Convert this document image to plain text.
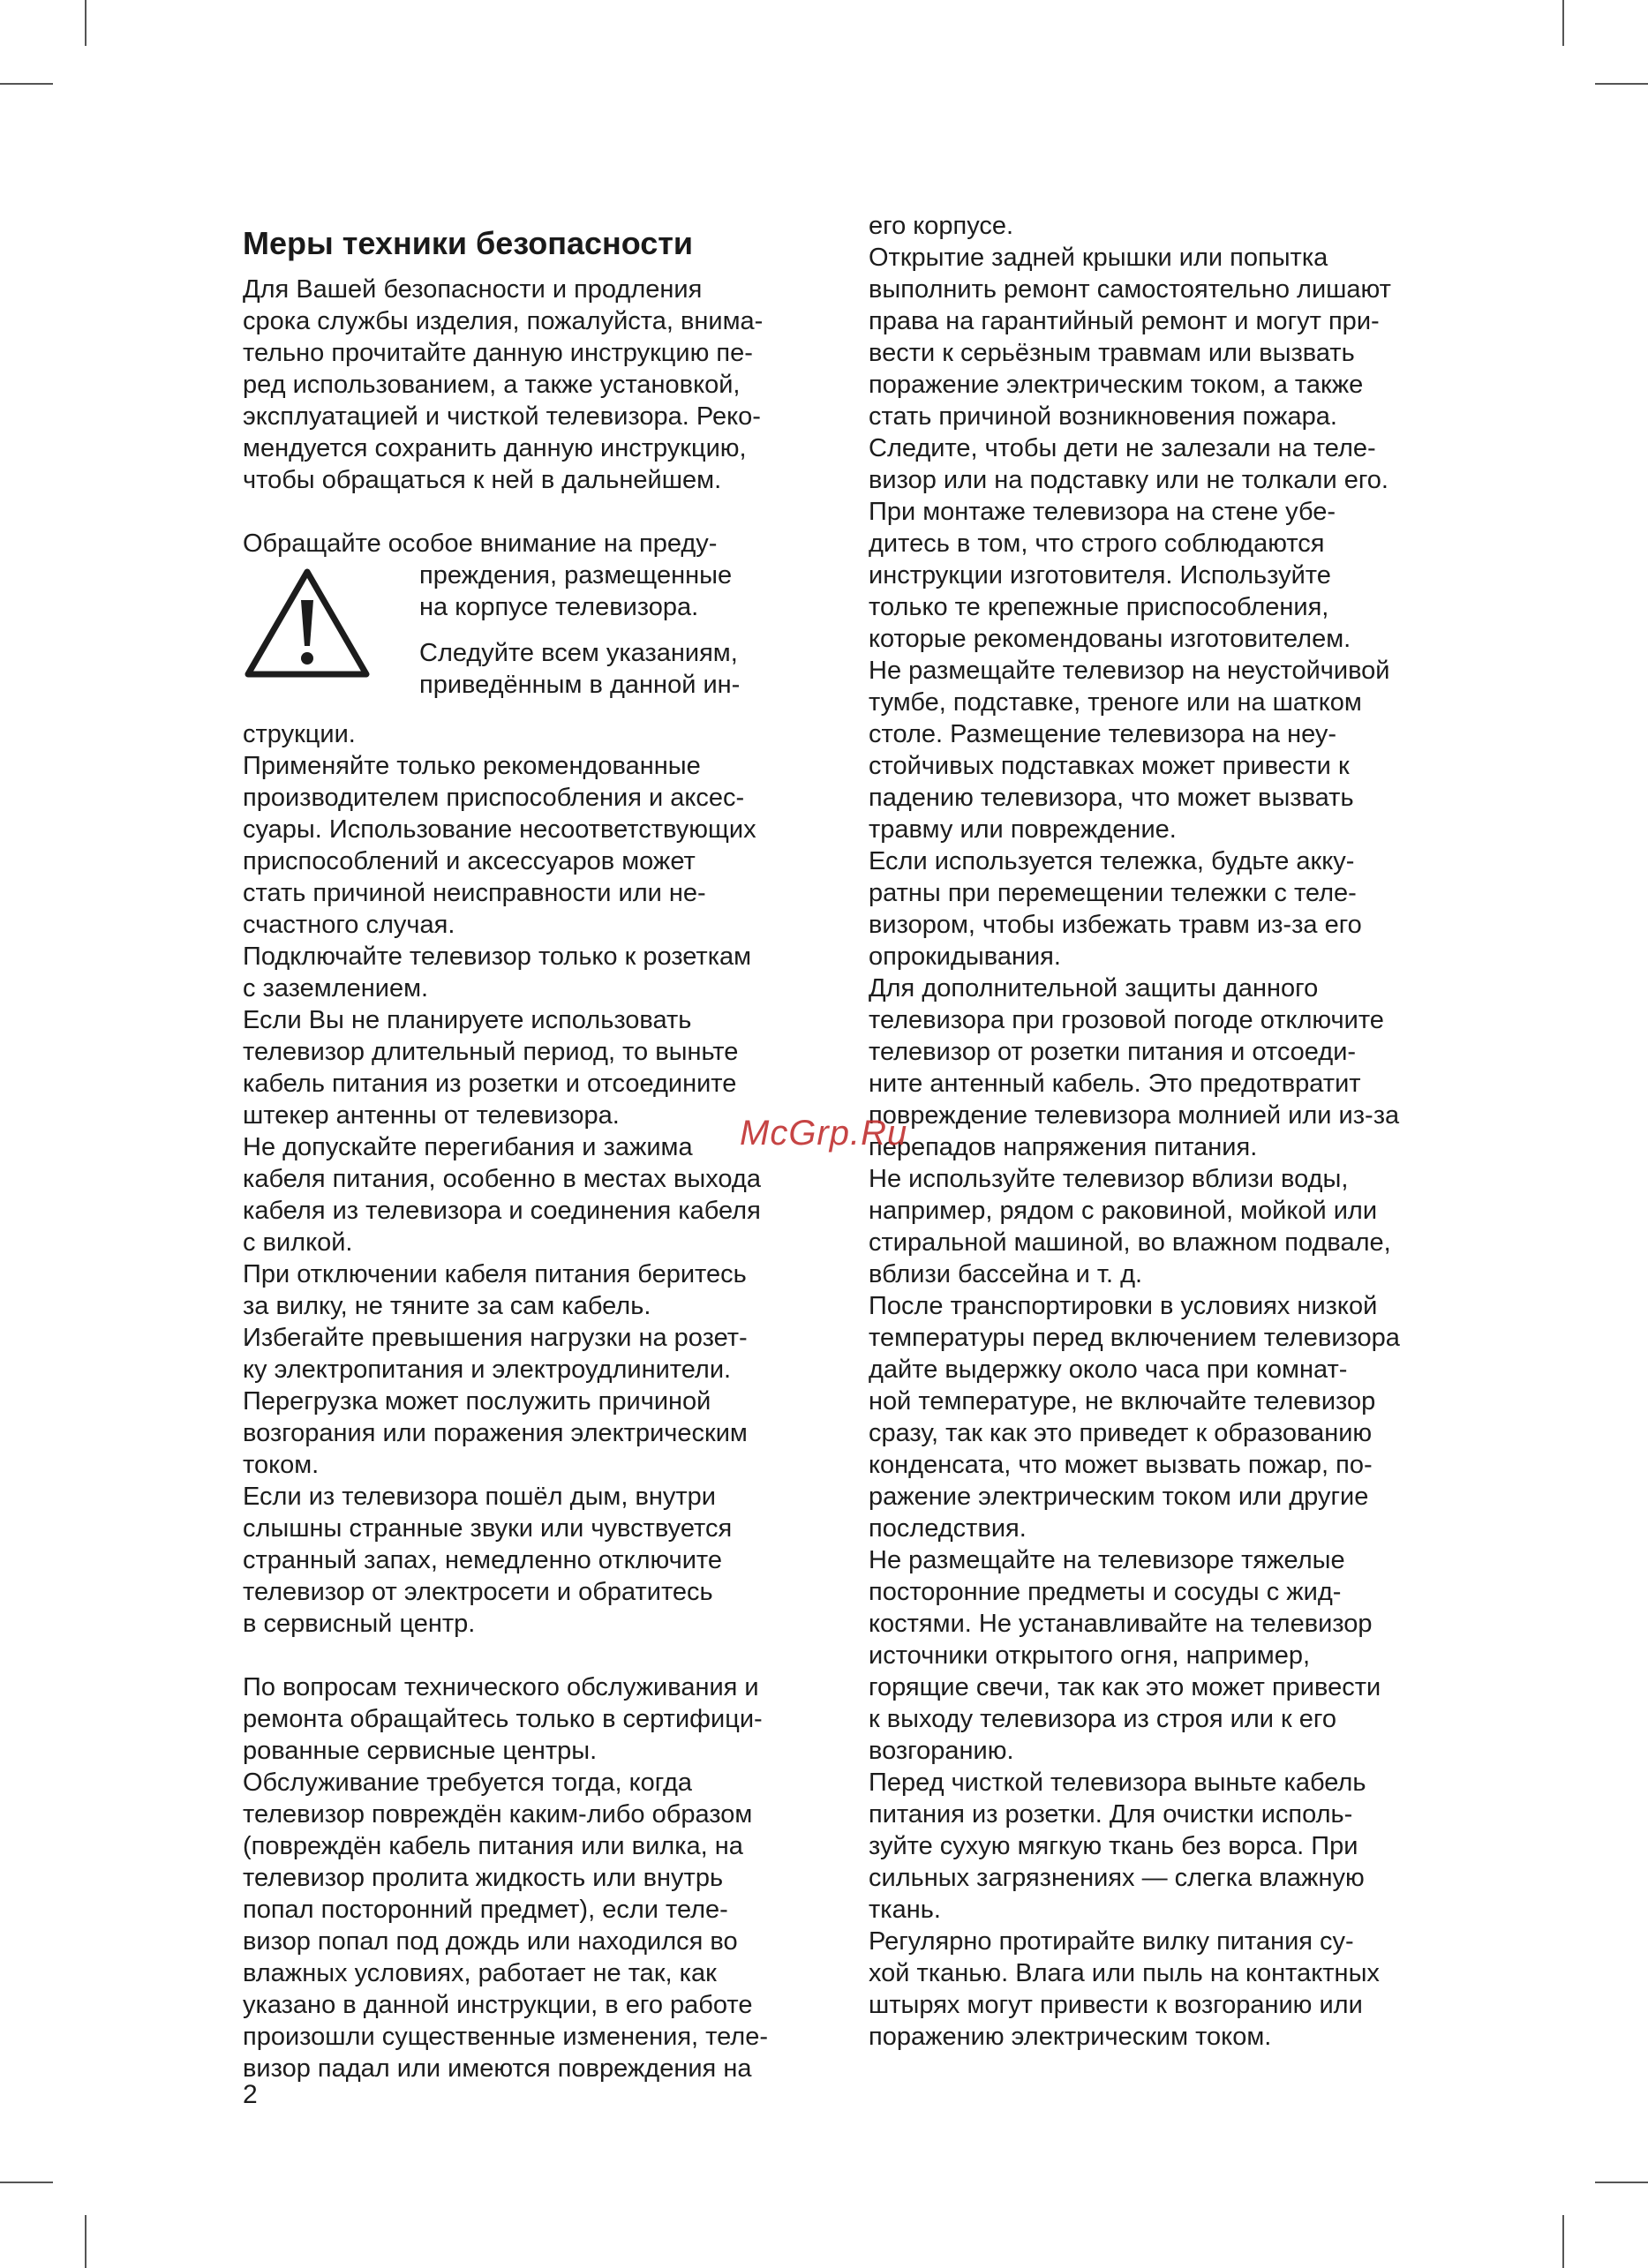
Меры техники безопасности
Для Вашей безопасности и продления
срока службы изделия, пожалуйста, внима-
тельно прочитайте данную инструкцию пе-
ред использованием, а также установкой,
эксплуатацией и чисткой телевизора. Реко-
мендуется сохранить данную инструкцию,
чтобы обращаться к ней в дальнейшем.
Обращайте особое внимание на преду-
преждения, размещенные
на корпусе телевизора.
Следуйте всем указаниям,
приведённым в данной ин-
струкции.
Применяйте только рекомендованные
производителем приспособления и аксес-
суары. Использование несоответствующих
приспособлений и аксессуаров может
стать причиной неисправности или не-
счастного случая.
Подключайте телевизор только к розеткам
с заземлением.
Если Вы не планируете использовать
телевизор длительный период, то выньте
кабель питания из розетки и отсоедините
штекер антенны от телевизора.
Не допускайте перегибания и зажима
кабеля питания, особенно в местах выхода
кабеля из телевизора и соединения кабеля
с вилкой.
При отключении кабеля питания беритесь
за вилку, не тяните за сам кабель.
Избегайте превышения нагрузки на розет-
ку электропитания и электроудлинители.
Перегрузка может послужить причиной
возгорания или поражения электрическим
током.
Если из телевизора пошёл дым, внутри
слышны странные звуки или чувствуется
странный запах, немедленно отключите
телевизор от электросети и обратитесь
в сервисный центр.
По вопросам технического обслуживания и
ремонта обращайтесь только в сертифици-
рованные сервисные центры.
Обслуживание требуется тогда, когда
телевизор повреждён каким-либо образом
(повреждён кабель питания или вилка, на
телевизор пролита жидкость или внутрь
попал посторонний предмет), если теле-
визор попал под дождь или находился во
влажных условиях, работает не так, как
указано в данной инструкции, в его работе
произошли существенные изменения, теле-
визор падал или имеются повреждения на
его корпусе.
Открытие задней крышки или попытка
выполнить ремонт самостоятельно лишают
права на гарантийный ремонт и могут при-
вести к серьёзным травмам или вызвать
поражение электрическим током, а также
стать причиной возникновения пожара.
Следите, чтобы дети не залезали на теле-
визор или на подставку или не толкали его.
При монтаже телевизора на стене убе-
дитесь в том, что строго соблюдаются
инструкции изготовителя. Используйте
только те крепежные приспособления,
которые рекомендованы изготовителем.
Не размещайте телевизор на неустойчивой
тумбе, подставке, треноге или на шатком
столе. Размещение телевизора на неу-
стойчивых подставках может привести к
падению телевизора, что может вызвать
травму или повреждение.
Если используется тележка, будьте акку-
ратны при перемещении тележки с теле-
визором, чтобы избежать травм из-за его
опрокидывания.
Для дополнительной защиты данного
телевизора при грозовой погоде отключите
телевизор от розетки питания и отсоеди-
ните антенный кабель. Это предотвратит
повреждение телевизора молнией или из-за
перепадов напряжения питания.
Не используйте телевизор вблизи воды,
например, рядом с раковиной, мойкой или
стиральной машиной, во влажном подвале,
вблизи бассейна и т. д.
После транспортировки в условиях низкой
температуры перед включением телевизора
дайте выдержку около часа при комнат-
ной температуре, не включайте телевизор
сразу, так как это приведет к образованию
конденсата, что может вызвать пожар, по-
ражение электрическим током или другие
последствия.
Не размещайте на телевизоре тяжелые
посторонние предметы и сосуды с жид-
костями. Не устанавливайте на телевизор
источники открытого огня, например,
горящие свечи, так как это может привести
к выходу телевизора из строя или к его
возгоранию.
Перед чисткой телевизора выньте кабель
питания из розетки. Для очистки исполь-
зуйте сухую мягкую ткань без ворса. При
сильных загрязнениях — слегка влажную
ткань.
Регулярно протирайте вилку питания су-
хой тканью. Влага или пыль на контактных
штырях могут привести к возгоранию или
поражению электрическим током.
McGrp.Ru
2
